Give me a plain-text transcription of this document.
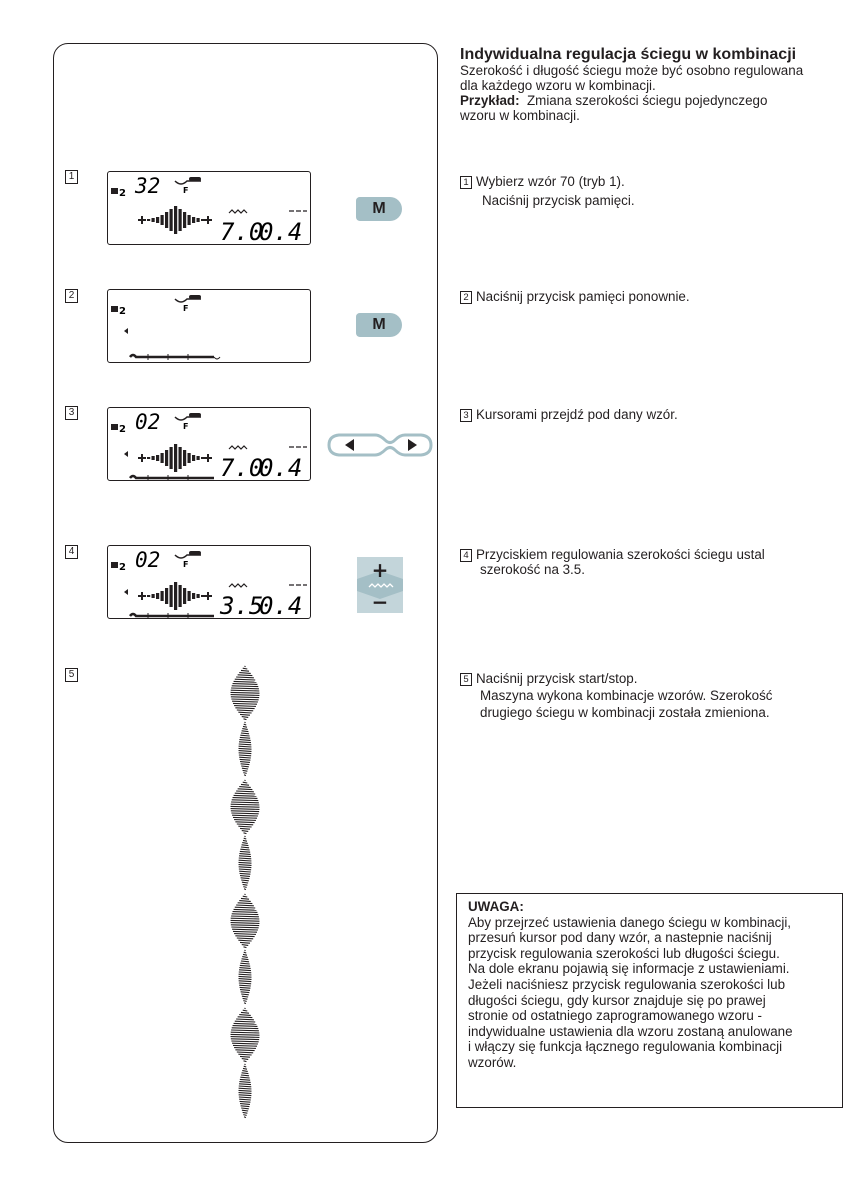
1
2 32	F
7.0
0.4
M
2
2	F
M
3
2 02	F
7.0
0.4
4
2 02	F
3.5
0.4
+
−
5
Indywidualna regulacja ściegu w kombinacji
Szerokość i długość ściegu może być osobno regulowana
dla każdego wzoru w kombinacji.
Przykład: Zmiana szerokości ściegu pojedynczego
wzoru w kombinacji.
1 Wybierz wzór 70 (tryb 1).
Naciśnij przycisk pamięci.
2 Naciśnij przycisk pamięci ponownie.
3 Kursorami przejdź pod dany wzór.
4 Przyciskiem regulowania szerokości ściegu ustal
szerokość na 3.5.
5 Naciśnij przycisk start/stop.
Maszyna wykona kombinacje wzorów. Szerokość
drugiego ściegu w kombinacji została zmieniona.
UWAGA:
Aby przejrzeć ustawienia danego ściegu w kombinacji,
przesuń kursor pod dany wzór, a nastepnie naciśnij
przycisk regulowania szerokości lub długości ściegu.
Na dole ekranu pojawią się informacje z ustawieniami.
Jeżeli naciśniesz przycisk regulowania szerokości lub
długości ściegu, gdy kursor znajduje się po prawej
stronie od ostatniego zaprogramowanego wzoru -
indywidualne ustawienia dla wzoru zostaną anulowane
i włączy się funkcja łącznego regulowania kombinacji
wzorów.
